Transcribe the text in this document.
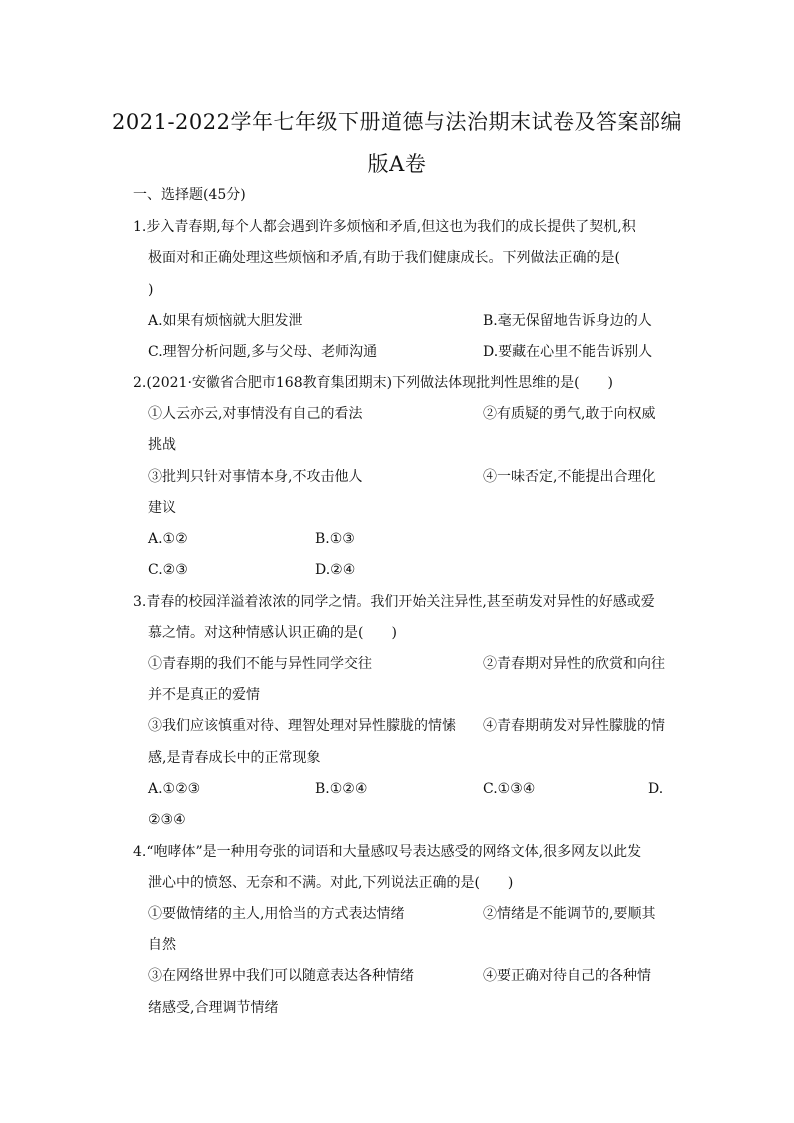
2021-2022学年七年级下册道德与法治期末试卷及答案部编
版A卷
一、选择题(45分)
1.步入青春期,每个人都会遇到许多烦恼和矛盾,但这也为我们的成长提供了契机,积
极面对和正确处理这些烦恼和矛盾,有助于我们健康成长。下列做法正确的是(
)
A.如果有烦恼就大胆发泄	B.毫无保留地告诉身边的人
C.理智分析问题,多与父母、老师沟通	D.要藏在心里不能告诉别人
2.(2021·安徽省合肥市168教育集团期末)下列做法体现批判性思维的是(　　)
①人云亦云,对事情没有自己的看法	②有质疑的勇气,敢于向权威
挑战
③批判只针对事情本身,不攻击他人	④一味否定,不能提出合理化
建议
A.①②	B.①③
C.②③	D.②④
3.青春的校园洋溢着浓浓的同学之情。我们开始关注异性,甚至萌发对异性的好感或爱
慕之情。对这种情感认识正确的是(　　)
①青春期的我们不能与异性同学交往	②青春期对异性的欣赏和向往
并不是真正的爱情
③我们应该慎重对待、理智处理对异性朦胧的情愫 ④青春期萌发对异性朦胧的情
感,是青春成长中的正常现象
A.①②③	B.①②④	C.①③④	D.
②③④
4.“咆哮体”是一种用夸张的词语和大量感叹号表达感受的网络文体,很多网友以此发
泄心中的愤怒、无奈和不满。对此,下列说法正确的是(　　)
①要做情绪的主人,用恰当的方式表达情绪	②情绪是不能调节的,要顺其
自然
③在网络世界中我们可以随意表达各种情绪	④要正确对待自己的各种情
绪感受,合理调节情绪
